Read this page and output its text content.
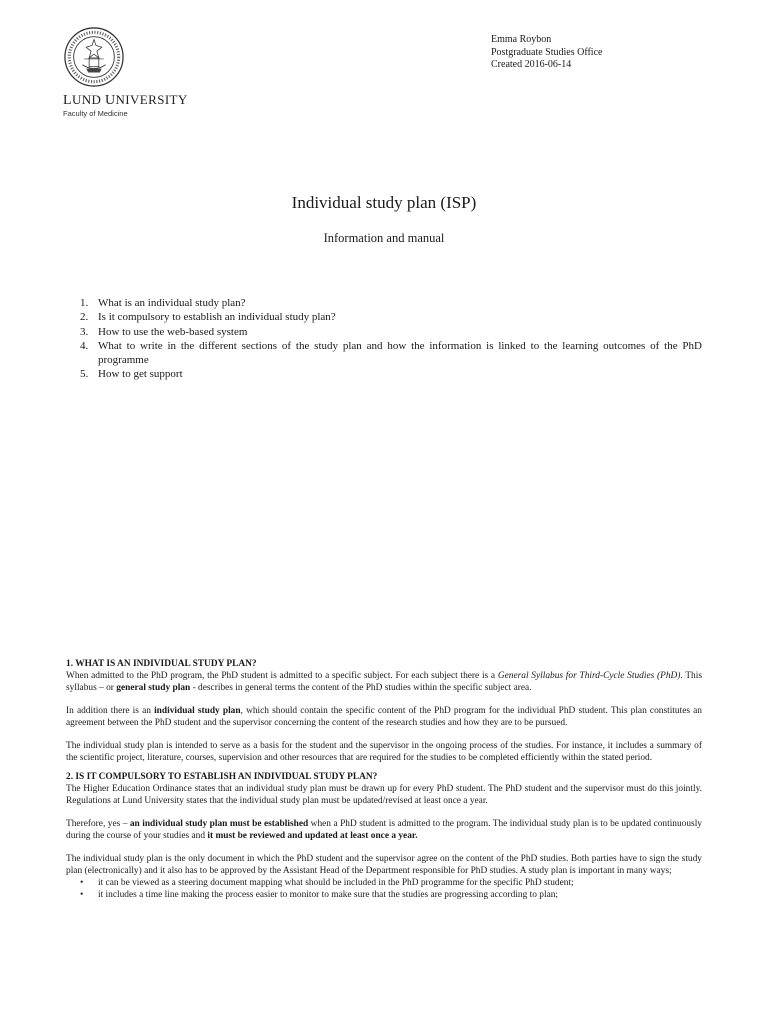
LUND UNIVERSITY
Faculty of Medicine
Emma Roybon
Postgraduate Studies Office
Created 2016-06-14
Individual study plan (ISP)
Information and manual
1. What is an individual study plan?
2. Is it compulsory to establish an individual study plan?
3. How to use the web-based system
4. What to write in the different sections of the study plan and how the information is linked to the learning outcomes of the PhD programme
5. How to get support
1. WHAT IS AN INDIVIDUAL STUDY PLAN?

When admitted to the PhD program, the PhD student is admitted to a specific subject. For each subject there is a General Syllabus for Third-Cycle Studies (PhD). This syllabus – or general study plan - describes in general terms the content of the PhD studies within the specific subject area.

In addition there is an individual study plan, which should contain the specific content of the PhD program for the individual PhD student. This plan constitutes an agreement between the PhD student and the supervisor concerning the content of the research studies and how they are to be pursued.

The individual study plan is intended to serve as a basis for the student and the supervisor in the ongoing process of the studies. For instance, it includes a summary of the scientific project, literature, courses, supervision and other resources that are required for the studies to be completed efficiently within the stated period.

2. IS IT COMPULSORY TO ESTABLISH AN INDIVIDUAL STUDY PLAN?

The Higher Education Ordinance states that an individual study plan must be drawn up for every PhD student. The PhD student and the supervisor must do this jointly. Regulations at Lund University states that the individual study plan must be updated/revised at least once a year.

Therefore, yes – an individual study plan must be established when a PhD student is admitted to the program. The individual study plan is to be updated continuously during the course of your studies and it must be reviewed and updated at least once a year.

The individual study plan is the only document in which the PhD student and the supervisor agree on the content of the PhD studies. Both parties have to sign the study plan (electronically) and it also has to be approved by the Assistant Head of the Department responsible for PhD studies. A study plan is important in many ways;

• it can be viewed as a steering document mapping what should be included in the PhD programme for the specific PhD student;
• it includes a time line making the process easier to monitor to make sure that the studies are progressing according to plan;
